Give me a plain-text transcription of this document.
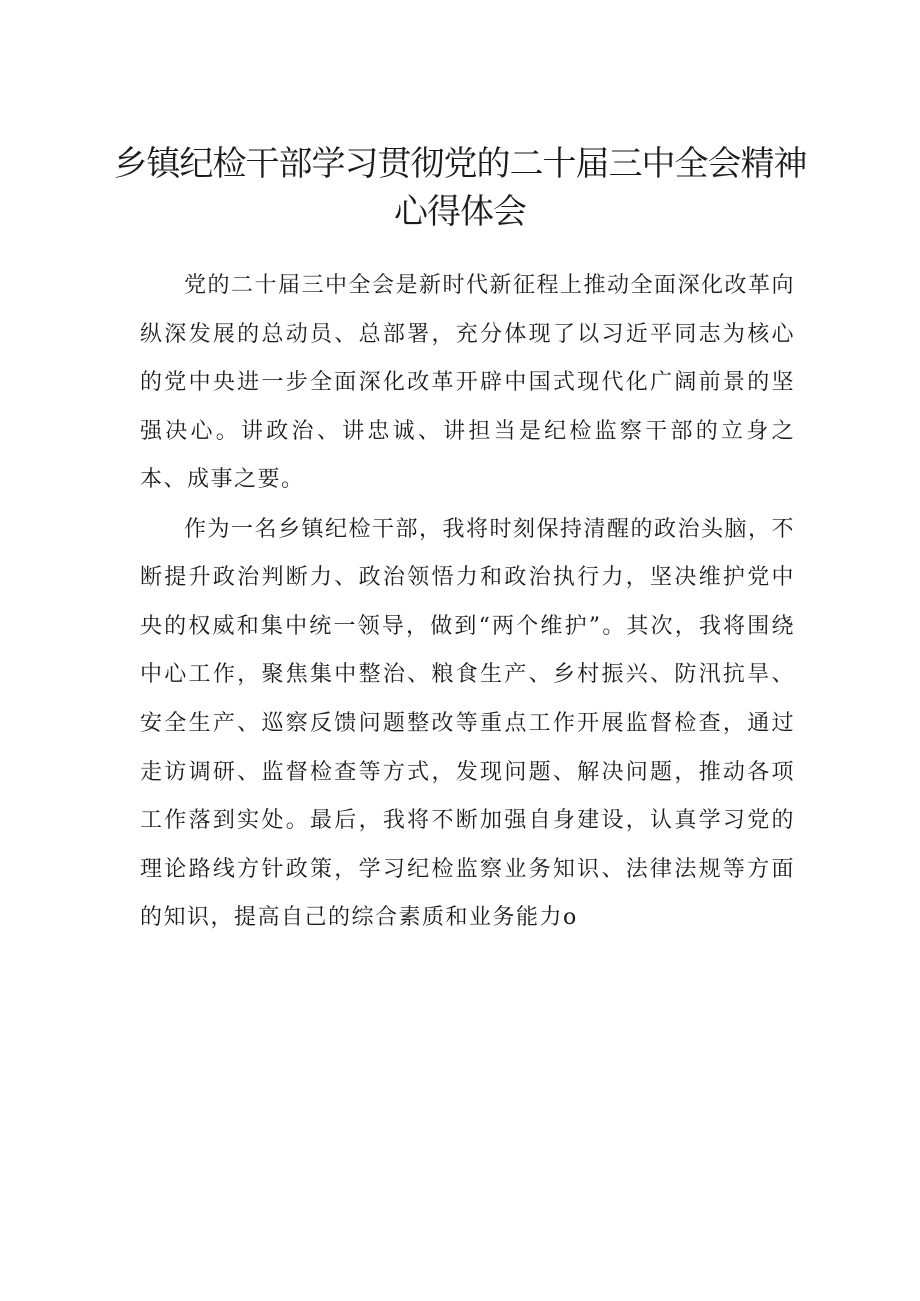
乡镇纪检干部学习贯彻党的二十届三中全会精神心得体会

党的二十届三中全会是新时代新征程上推动全面深化改革向纵深发展的总动员、总部署，充分体现了以习近平同志为核心的党中央进一步全面深化改革开辟中国式现代化广阔前景的坚强决心。讲政治、讲忠诚、讲担当是纪检监察干部的立身之本、成事之要。

作为一名乡镇纪检干部，我将时刻保持清醒的政治头脑，不断提升政治判断力、政治领悟力和政治执行力，坚决维护党中央的权威和集中统一领导，做到“两个维护”。其次，我将围绕中心工作，聚焦集中整治、粮食生产、乡村振兴、防汛抗旱、安全生产、巡察反馈问题整改等重点工作开展监督检查，通过走访调研、监督检查等方式，发现问题、解决问题，推动各项工作落到实处。最后，我将不断加强自身建设，认真学习党的理论路线方针政策，学习纪检监察业务知识、法律法规等方面的知识，提高自己的综合素质和业务能力o
